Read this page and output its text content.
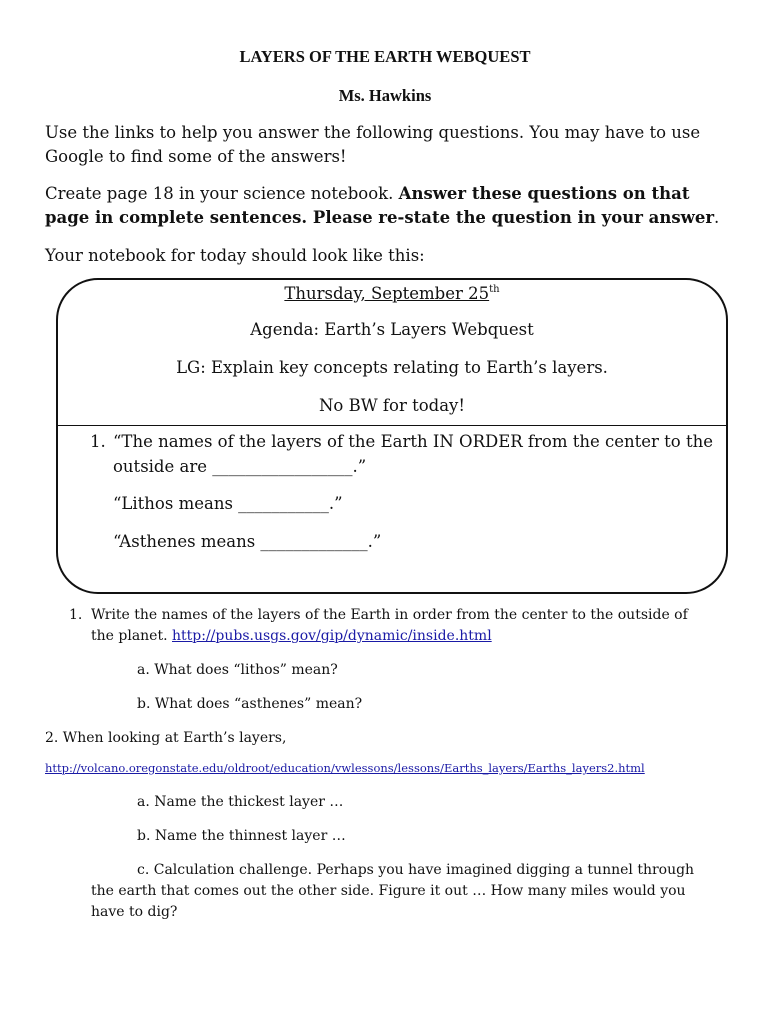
LAYERS OF THE EARTH WEBQUEST
Ms. Hawkins

Use the links to help you answer the following questions. You may have to use Google to find some of the answers!

Create page 18 in your science notebook. Answer these questions on that page in complete sentences. Please re-state the question in your answer.

Your notebook for today should look like this:

Thursday, September 25th
Agenda: Earth’s Layers Webquest
LG: Explain key concepts relating to Earth’s layers.
No BW for today!
1. “The names of the layers of the Earth IN ORDER from the center to the
outside are _________________.”
“Lithos means ___________.”
“Asthenes means _____________.”
1. Write the names of the layers of the Earth in order from the center to the outside of
the planet. http://pubs.usgs.gov/gip/dynamic/inside.html
a. What does “lithos” mean?
b. What does “asthenes” mean?
2. When looking at Earth’s layers,
http://volcano.oregonstate.edu/oldroot/education/vwlessons/lessons/Earths_layers/Earths_layers2.html
a. Name the thickest layer …
b. Name the thinnest layer …
c. Calculation challenge. Perhaps you have imagined digging a tunnel through
the earth that comes out the other side. Figure it out … How many miles would you
have to dig?
